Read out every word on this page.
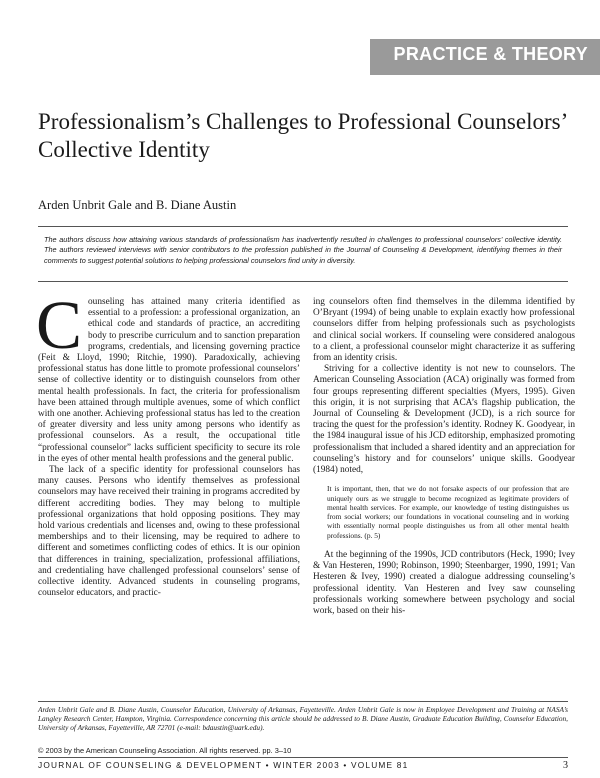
PRACTICE & THEORY
Professionalism’s Challenges to Professional Counselors’
Collective Identity
Arden Unbrit Gale and B. Diane Austin

The authors discuss how attaining various standards of professionalism has inadvertently resulted in challenges to professional counselors’ collective identity. The authors reviewed interviews with senior contributors to the profession published in the Journal of Counseling & Development, identifying themes in their comments to suggest potential solutions to helping professional counselors find unity in diversity.

Counseling has attained many criteria identified as essential to a profession: a professional organization, an ethical code and standards of practice, an accrediting body to prescribe curriculum and to sanction preparation programs, credentials, and licensing governing practice (Feit & Lloyd, 1990; Ritchie, 1990). Paradoxically, achieving professional status has done little to promote professional counselors’ sense of collective identity or to distinguish counselors from other mental health professionals. In fact, the criteria for professionalism have been attained through multiple avenues, some of which conflict with one another. Achieving professional status has led to the creation of greater diversity and less unity among persons who identify as professional counselors. As a result, the occupational title “professional counselor” lacks sufficient specificity to secure its role in the eyes of other mental health professions and the general public.

The lack of a specific identity for professional counselors has many causes. Persons who identify themselves as professional counselors may have received their training in programs accredited by different accrediting bodies. They may belong to multiple professional organizations that hold opposing positions. They may hold various credentials and licenses and, owing to these professional memberships and to their licensing, may be required to adhere to different and sometimes conflicting codes of ethics. It is our opinion that differences in training, specialization, professional affiliations, and credentialing have challenged professional counselors’ sense of collective identity. Advanced students in counseling programs, counselor educators, and practic-

ing counselors often find themselves in the dilemma identified by O’Bryant (1994) of being unable to explain exactly how professional counselors differ from helping professionals such as psychologists and clinical social workers. If counseling were considered analogous to a client, a professional counselor might characterize it as suffering from an identity crisis.

Striving for a collective identity is not new to counselors. The American Counseling Association (ACA) originally was formed from four groups representing different specialties (Myers, 1995). Given this origin, it is not surprising that ACA’s flagship publication, the Journal of Counseling & Development (JCD), is a rich source for tracing the quest for the profession’s identity. Rodney K. Goodyear, in the 1984 inaugural issue of his JCD editorship, emphasized promoting professionalism that included a shared identity and an appreciation for counseling’s history and for counselors’ unique skills. Goodyear (1984) noted,

It is important, then, that we do not forsake aspects of our profession that are uniquely ours as we struggle to become recognized as legitimate providers of mental health services. For example, our knowledge of testing distinguishes us from social workers; our foundations in vocational counseling and in working with essentially normal people distinguishes us from all other mental health professions. (p. 5)

At the beginning of the 1990s, JCD contributors (Heck, 1990; Ivey & Van Hesteren, 1990; Robinson, 1990; Steenbarger, 1990, 1991; Van Hesteren & Ivey, 1990) created a dialogue addressing counseling’s professional identity. Van Hesteren and Ivey saw counseling professionals working somewhere between psychology and social work, based on their his-

Arden Unbrit Gale and B. Diane Austin, Counselor Education, University of Arkansas, Fayetteville. Arden Unbrit Gale is now in Employee Development and Training at NASA’s Langley Research Center, Hampton, Virginia. Correspondence concerning this article should be addressed to B. Diane Austin, Graduate Education Building, Counselor Education, University of Arkansas, Fayetteville, AR 72701 (e-mail: bdaustin@uark.edu).
© 2003 by the American Counseling Association. All rights reserved. pp. 3–10
JOURNAL OF COUNSELING & DEVELOPMENT • WINTER 2003 • VOLUME 81	3
